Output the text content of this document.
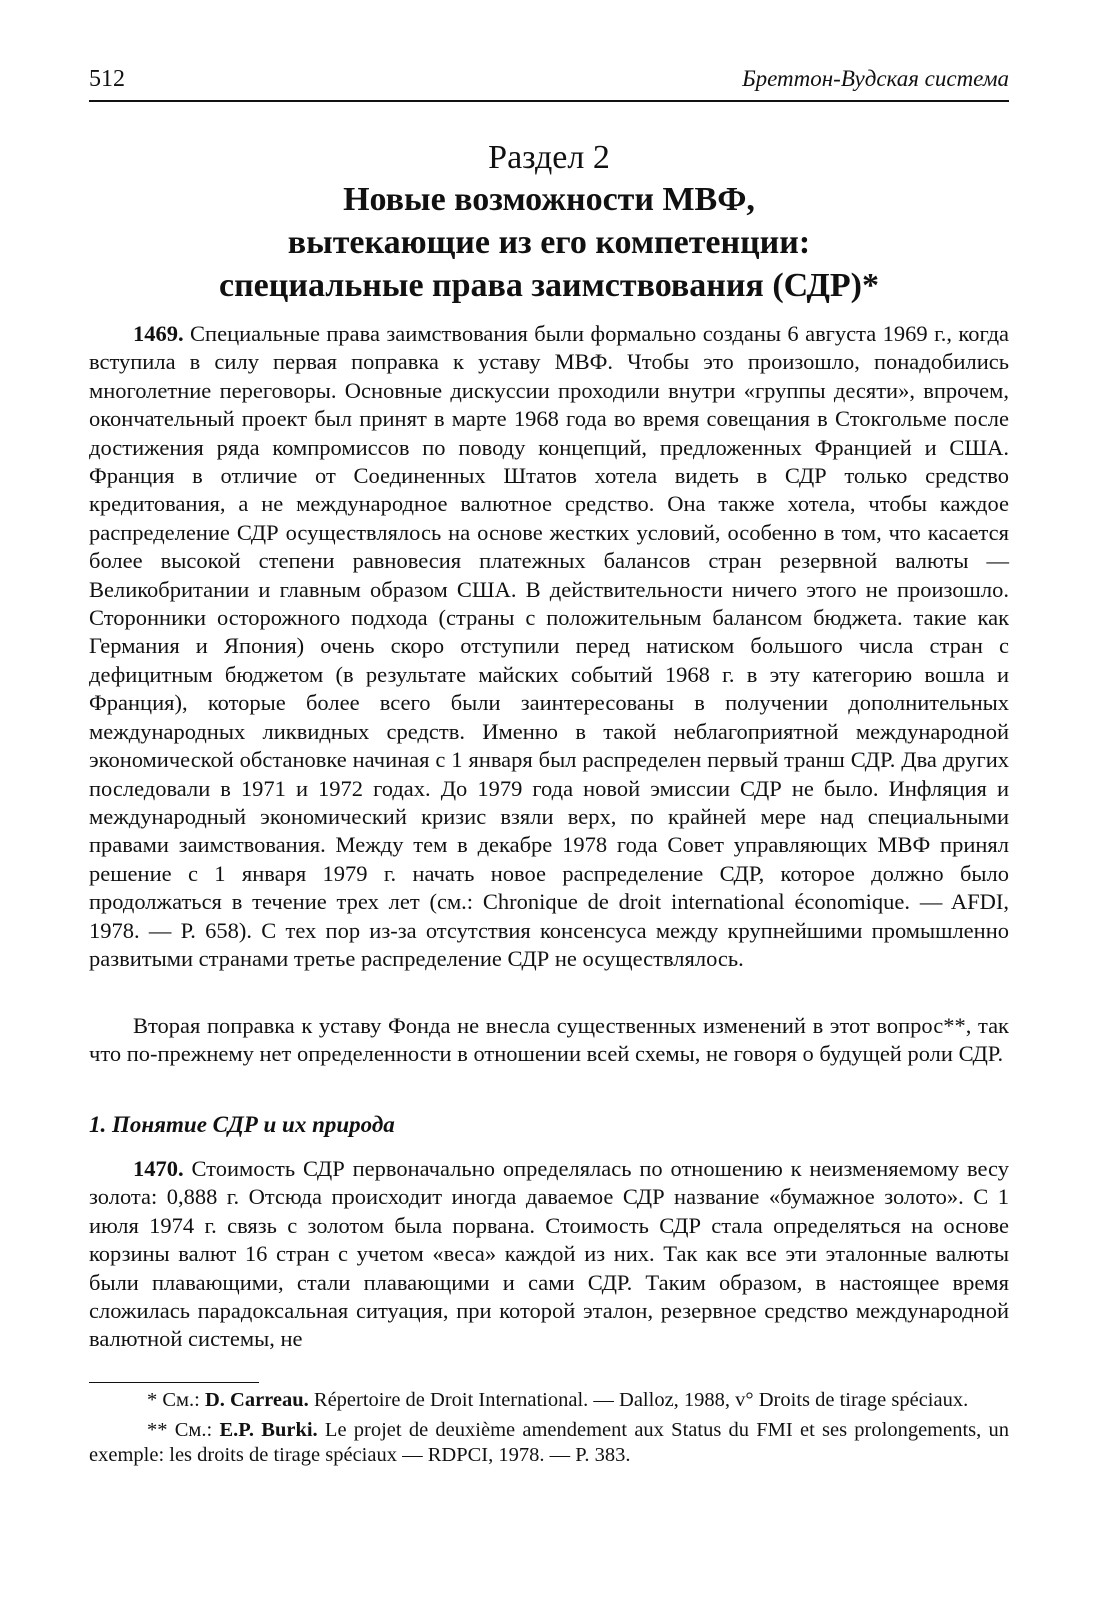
512	Бреттон-Вудская система
Раздел 2
Новые возможности МВФ,
вытекающие из его компетенции:
специальные права заимствования (СДР)*

1469. Специальные права заимствования были формально созданы 6 августа 1969 г., когда вступила в силу первая поправка к уставу МВФ. Чтобы это произошло, понадобились многолетние переговоры. Основные дискуссии проходили внутри «группы десяти», впрочем, окончательный проект был принят в марте 1968 года во время совещания в Стокгольме после достижения ряда компромиссов по поводу концепций, предложенных Францией и США. Франция в отличие от Соединенных Штатов хотела видеть в СДР только средство кредитования, а не международное валютное средство. Она также хотела, чтобы каждое распределение СДР осуществлялось на основе жестких условий, особенно в том, что касается более высокой степени равновесия платежных балансов стран резервной валюты — Великобритании и главным образом США. В действительности ничего этого не произошло. Сторонники осторожного подхода (страны с положительным балансом бюджета. такие как Германия и Япония) очень скоро отступили перед натиском большого числа стран с дефицитным бюджетом (в результате майских событий 1968 г. в эту категорию вошла и Франция), которые более всего были заинтересованы в получении дополнительных международных ликвидных средств. Именно в такой неблагоприятной международной экономической обстановке начиная с 1 января был распределен первый транш СДР. Два других последовали в 1971 и 1972 годах. До 1979 года новой эмиссии СДР не было. Инфляция и международный экономический кризис взяли верх, по крайней мере над специальными правами заимствования. Между тем в декабре 1978 года Совет управляющих МВФ принял решение с 1 января 1979 г. начать новое распределение СДР, которое должно было продолжаться в течение трех лет (см.: Chronique de droit international économique. — AFDI, 1978. — Р. 658). С тех пор из-за отсутствия консенсуса между крупнейшими промышленно развитыми странами третье распределение СДР не осуществлялось.

Вторая поправка к уставу Фонда не внесла существенных изменений в этот вопрос**, так что по-прежнему нет определенности в отношении всей схемы, не говоря о будущей роли СДР.

1. Понятие СДР и их природа

1470. Стоимость СДР первоначально определялась по отношению к неизменяемому весу золота: 0,888 г. Отсюда происходит иногда даваемое СДР название «бумажное золото». С 1 июля 1974 г. связь с золотом была порвана. Стоимость СДР стала определяться на основе корзины валют 16 стран с учетом «веса» каждой из них. Так как все эти эталонные валюты были плавающими, стали плавающими и сами СДР. Таким образом, в настоящее время сложилась парадоксальная ситуация, при которой эталон, резервное средство международной валютной системы, не

* См.: D. Carreau. Répertoire de Droit International. — Dalloz, 1988, v° Droits de tirage spéciaux.

** См.: E.P. Burki. Le projet de deuxième amendement aux Status du FMI et ses prolongements, un exemple: les droits de tirage spéciaux — RDPCI, 1978. — P. 383.
